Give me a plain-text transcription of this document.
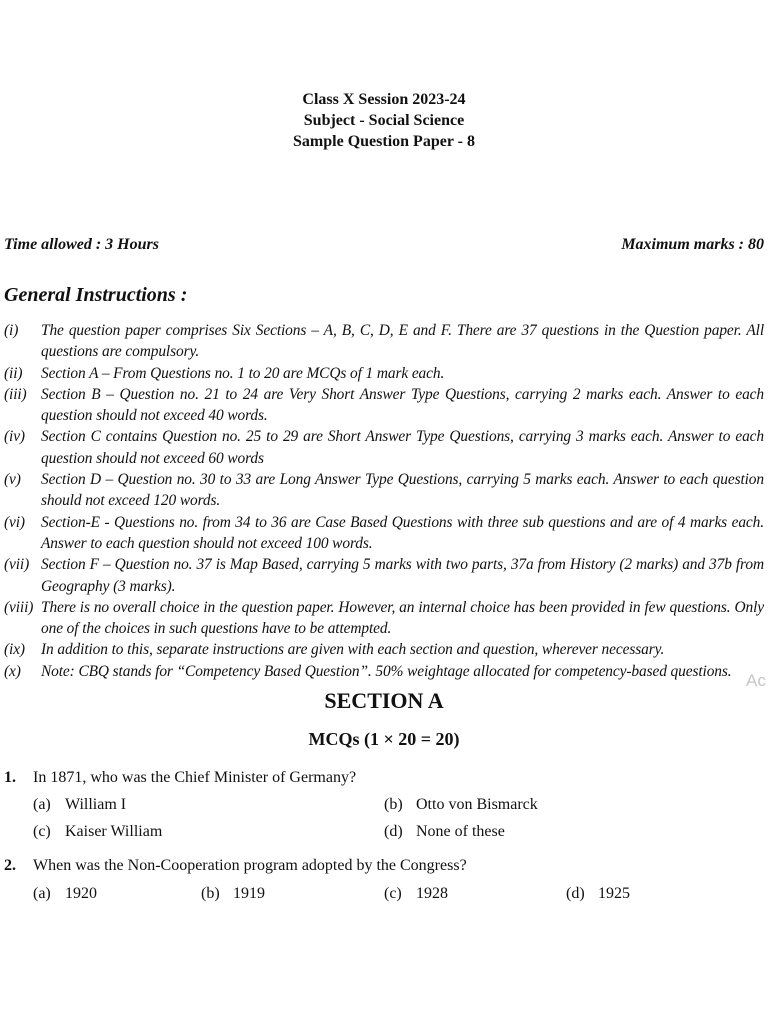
Class X Session 2023-24
Subject - Social Science
Sample Question Paper - 8
Time allowed : 3 Hours	Maximum marks : 80
General Instructions :
(i) The question paper comprises Six Sections – A, B, C, D, E and F. There are 37 questions in the Question paper. All questions are compulsory.
(ii) Section A – From Questions no. 1 to 20 are MCQs of 1 mark each.
(iii) Section B – Question no. 21 to 24 are Very Short Answer Type Questions, carrying 2 marks each. Answer to each question should not exceed 40 words.
(iv) Section C contains Question no. 25 to 29 are Short Answer Type Questions, carrying 3 marks each. Answer to each question should not exceed 60 words
(v) Section D – Question no. 30 to 33 are Long Answer Type Questions, carrying 5 marks each. Answer to each question should not exceed 120 words.
(vi) Section-E - Questions no. from 34 to 36 are Case Based Questions with three sub questions and are of 4 marks each. Answer to each question should not exceed 100 words.
(vii) Section F – Question no. 37 is Map Based, carrying 5 marks with two parts, 37a from History (2 marks) and 37b from Geography (3 marks).
(viii) There is no overall choice in the question paper. However, an internal choice has been provided in few questions. Only one of the choices in such questions have to be attempted.
(ix) In addition to this, separate instructions are given with each section and question, wherever necessary.
(x) Note: CBQ stands for “Competency Based Question”. 50% weightage allocated for competency-based questions. Ac
SECTION A
MCQs (1 × 20 = 20)
1. In 1871, who was the Chief Minister of Germany?
(a) William I	(b) Otto von Bismarck
(c) Kaiser William	(d) None of these
2. When was the Non-Cooperation program adopted by the Congress?
(a) 1920	(b) 1919	(c) 1928	(d) 1925
